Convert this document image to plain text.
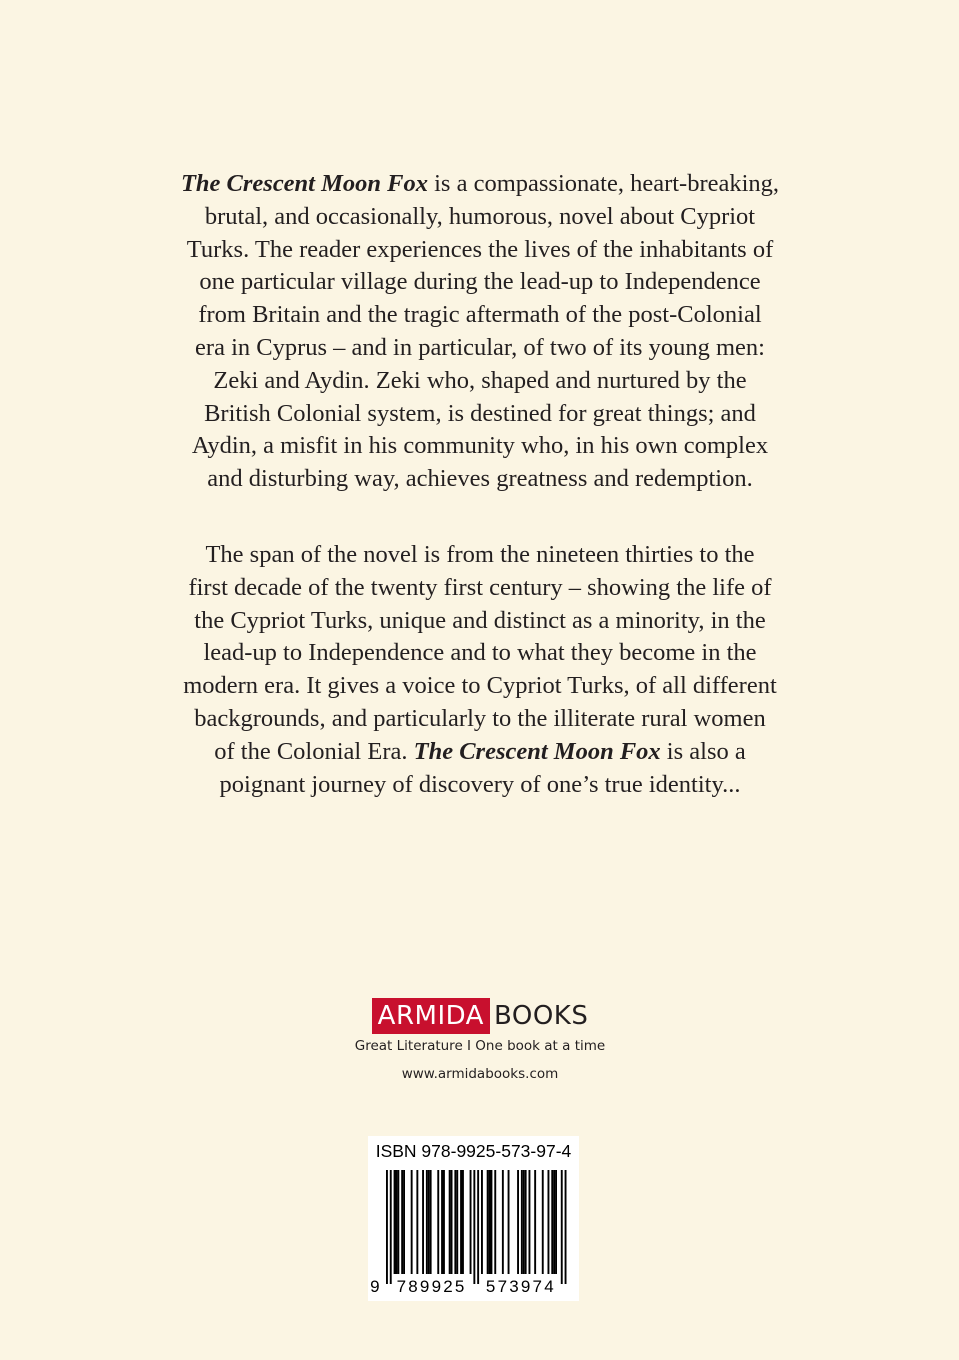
The Crescent Moon Fox is a compassionate, heart-breaking,
brutal, and occasionally, humorous, novel about Cypriot
Turks. The reader experiences the lives of the inhabitants of
one particular village during the lead-up to Independence
from Britain and the tragic aftermath of the post-Colonial
era in Cyprus – and in particular, of two of its young men:
Zeki and Aydin. Zeki who, shaped and nurtured by the
British Colonial system, is destined for great things; and
Aydin, a misfit in his community who, in his own complex
and disturbing way, achieves greatness and redemption.
The span of the novel is from the nineteen thirties to the
first decade of the twenty first century – showing the life of
the Cypriot Turks, unique and distinct as a minority, in the
lead-up to Independence and to what they become in the
modern era. It gives a voice to Cypriot Turks, of all different
backgrounds, and particularly to the illiterate rural women
of the Colonial Era. The Crescent Moon Fox is also a
poignant journey of discovery of one’s true identity...
ARMIDA BOOKS
Great Literature I One book at a time
www.armidabooks.com
ISBN 978-9925-573-97-4
9 789925 573974
